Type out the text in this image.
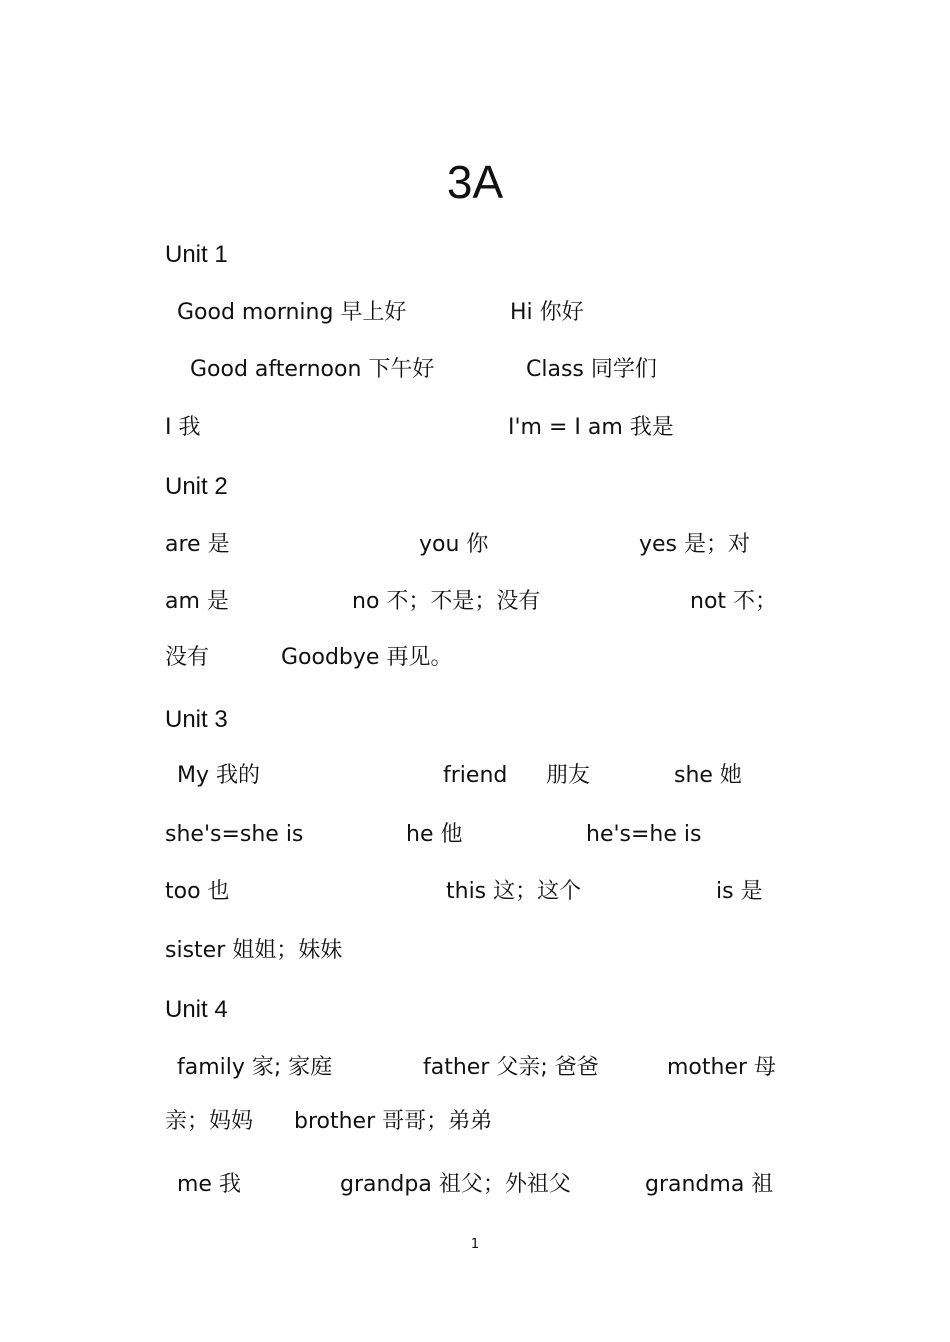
3A
Unit 1
Good morning 早上好	Hi 你好
Good afternoon 下午好	Class 同学们
I 我	I'm = I am 我是
Unit 2
are 是	you 你	yes 是；对
am 是	no 不；不是；没有	not 不；
没有	Goodbye 再见。
Unit 3
My 我的	friend 朋友	she 她
she's=she is	he 他	he's=he is
too 也	this 这；这个	is 是
sister 姐姐；妹妹
Unit 4
family 家; 家庭	father 父亲; 爸爸	mother 母
亲；妈妈 brother 哥哥；弟弟
me 我	grandpa 祖父；外祖父	grandma 祖
1
